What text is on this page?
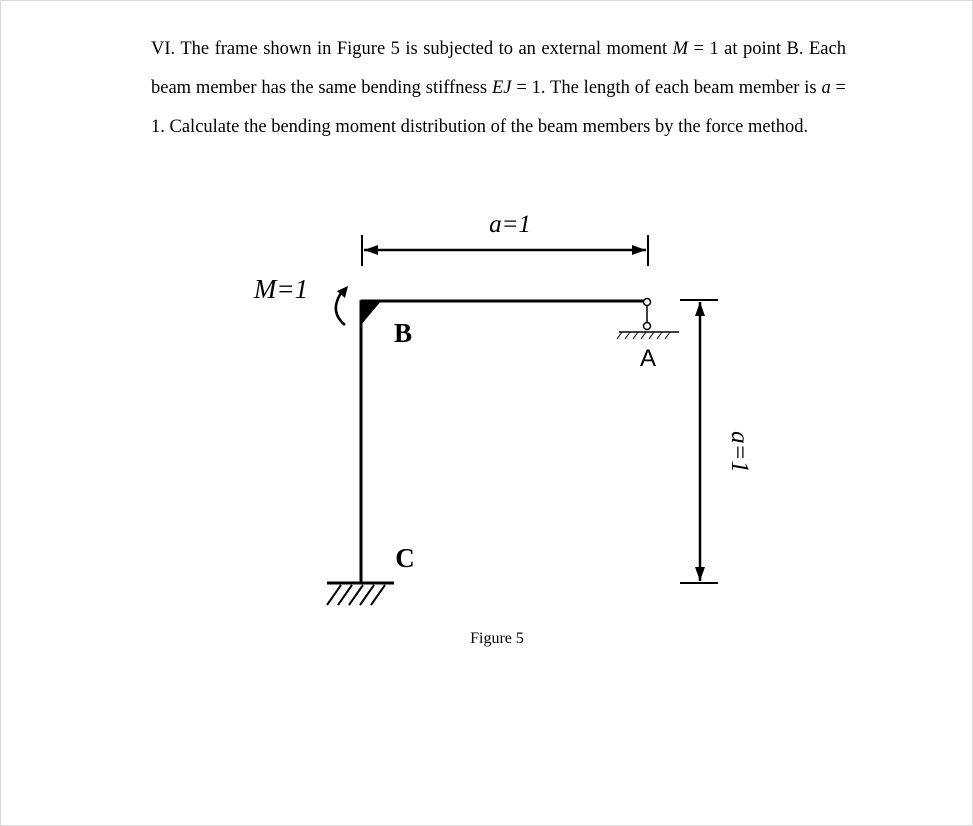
VI. The frame shown in Figure 5 is subjected to an external moment M = 1 at point B. Each beam member has the same bending stiffness EJ = 1. The length of each beam member is a = 1. Calculate the bending moment distribution of the beam members by the force method.

a=1
M=1
B
A
C
a=1
Figure 5
